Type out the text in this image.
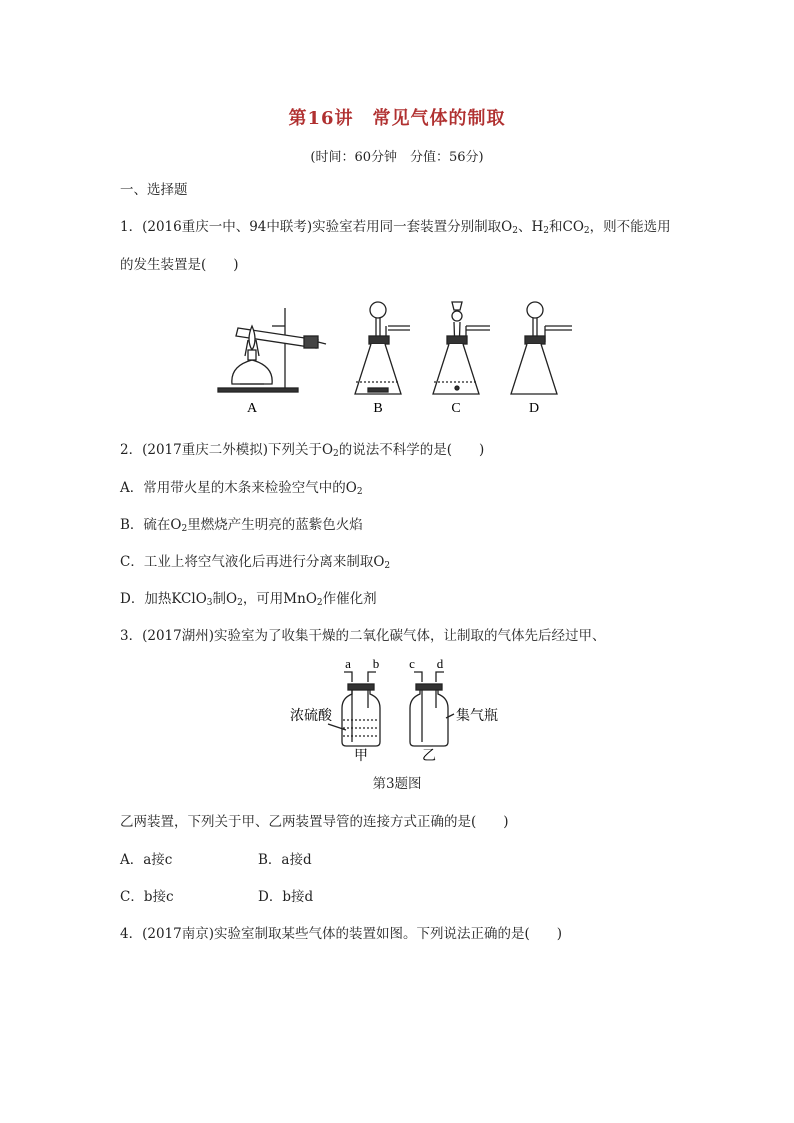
第16讲　常见气体的制取
(时间：60分钟　分值：56分)
一、选择题
1．(2016重庆一中、94中联考)实验室若用同一套装置分别制取$O_2$、$H_2$和$CO_2$，则不能选用
的发生装置是(　　)
A	B	C	D
2．(2017重庆二外模拟)下列关于$O_2$的说法不科学的是(　　)
A．常用带火星的木条来检验空气中的$O_2$
B．硫在$O_2$里燃烧产生明亮的蓝紫色火焰
C．工业上将空气液化后再进行分离来制取$O_2$
D．加热KClO$_3$制$O_2$，可用MnO$_2$作催化剂
3．(2017湖州)实验室为了收集干燥的二氧化碳气体，让制取的气体先后经过甲、
a b c d
浓硫酸	集气瓶
甲	乙
第3题图
乙两装置，下列关于甲、乙两装置导管的连接方式正确的是(　　)
A．a接c	B．a接d
C．b接c	D．b接d
4．(2017南京)实验室制取某些气体的装置如图。下列说法正确的是(　　)
